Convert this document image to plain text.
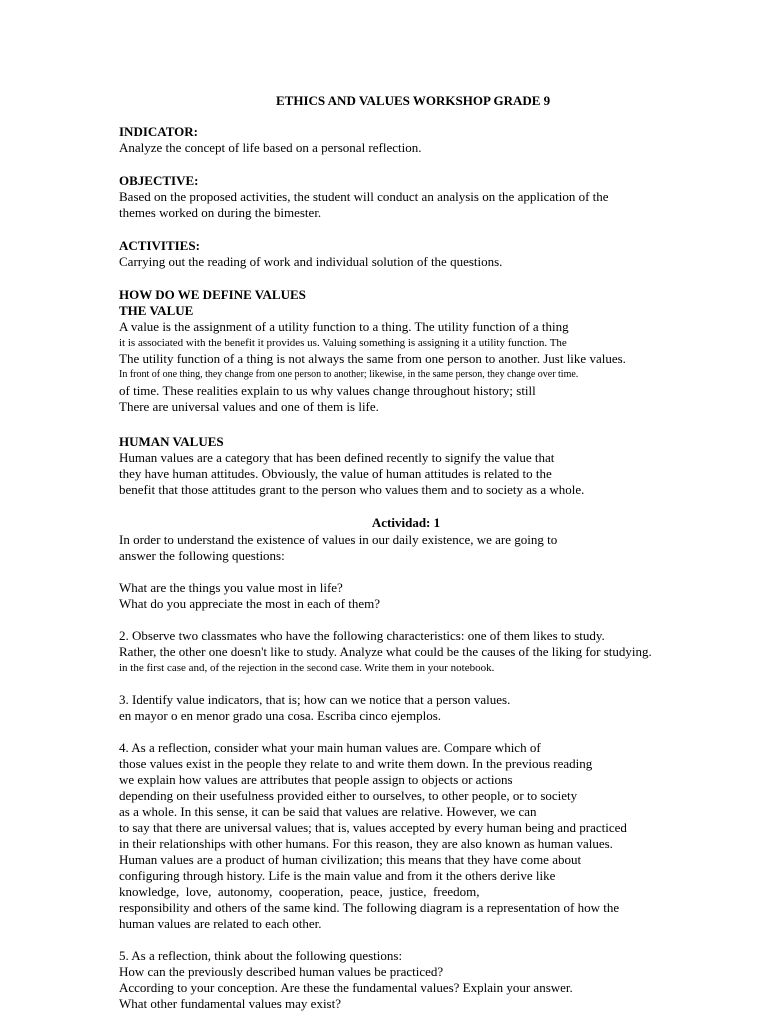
ETHICS AND VALUES WORKSHOP GRADE 9
INDICATOR:
Analyze the concept of life based on a personal reflection.
OBJECTIVE:
Based on the proposed activities, the student will conduct an analysis on the application of the
themes worked on during the bimester.
ACTIVITIES:
Carrying out the reading of work and individual solution of the questions.
HOW DO WE DEFINE VALUES
THE VALUE
A value is the assignment of a utility function to a thing. The utility function of a thing
it is associated with the benefit it provides us. Valuing something is assigning it a utility function. The
The utility function of a thing is not always the same from one person to another. Just like values.
In front of one thing, they change from one person to another; likewise, in the same person, they change over time.
of time. These realities explain to us why values change throughout history; still
There are universal values and one of them is life.
HUMAN VALUES
Human values are a category that has been defined recently to signify the value that
they have human attitudes. Obviously, the value of human attitudes is related to the
benefit that those attitudes grant to the person who values them and to society as a whole.
Actividad: 1
In order to understand the existence of values in our daily existence, we are going to
answer the following questions:
What are the things you value most in life?
What do you appreciate the most in each of them?
2. Observe two classmates who have the following characteristics: one of them likes to study.
Rather, the other one doesn't like to study. Analyze what could be the causes of the liking for studying.
in the first case and, of the rejection in the second case. Write them in your notebook.
3. Identify value indicators, that is; how can we notice that a person values.
en mayor o en menor grado una cosa. Escriba cinco ejemplos.
4. As a reflection, consider what your main human values are. Compare which of
those values exist in the people they relate to and write them down. In the previous reading
we explain how values are attributes that people assign to objects or actions
depending on their usefulness provided either to ourselves, to other people, or to society
as a whole. In this sense, it can be said that values are relative. However, we can
to say that there are universal values; that is, values accepted by every human being and practiced
in their relationships with other humans. For this reason, they are also known as human values.
Human values are a product of human civilization; this means that they have come about
configuring through history. Life is the main value and from it the others derive like
knowledge,  love,  autonomy,  cooperation,  peace,  justice,  freedom,
responsibility and others of the same kind. The following diagram is a representation of how the
human values are related to each other.
5. As a reflection, think about the following questions:
How can the previously described human values be practiced?
According to your conception. Are these the fundamental values? Explain your answer.
What other fundamental values may exist?
